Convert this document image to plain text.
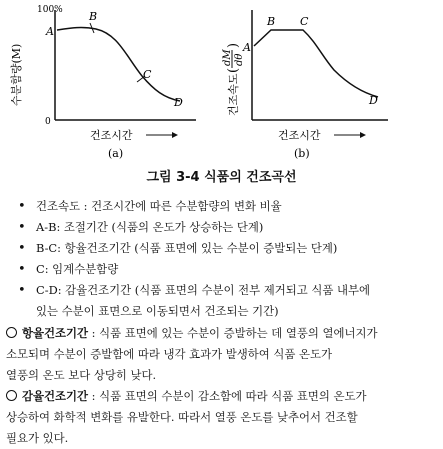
100%
0
수분함량(M)
A
B
C
D
건조시간
(a)
건조속도
(
dM dθ
) A
B C
D
건조시간
(b)
그림 3-4 식품의 건조곡선
• 건조속도 : 건조시간에 따른 수분함량의 변화 비율
• A-B: 조절기간 (식품의 온도가 상승하는 단계)
• B-C: 항율건조기간 (식품 표면에 있는 수분이 증발되는 단계)
• C: 임계수분함량
• C-D: 감율건조기간 (식품 표면의 수분이 전부 제거되고 식품 내부에
있는 수분이 표면으로 이동되면서 건조되는 기간)
항율건조기간 : 식품 표면에 있는 수분이 증발하는 데 열풍의 열에너지가
소모되며 수분이 증발함에 따라 냉각 효과가 발생하여 식품 온도가
열풍의 온도 보다 상당히 낮다.
감율건조기간 : 식품 표면의 수분이 감소함에 따라 식품 표면의 온도가
상승하여 화학적 변화를 유발한다. 따라서 열풍 온도를 낮추어서 건조할
필요가 있다.
